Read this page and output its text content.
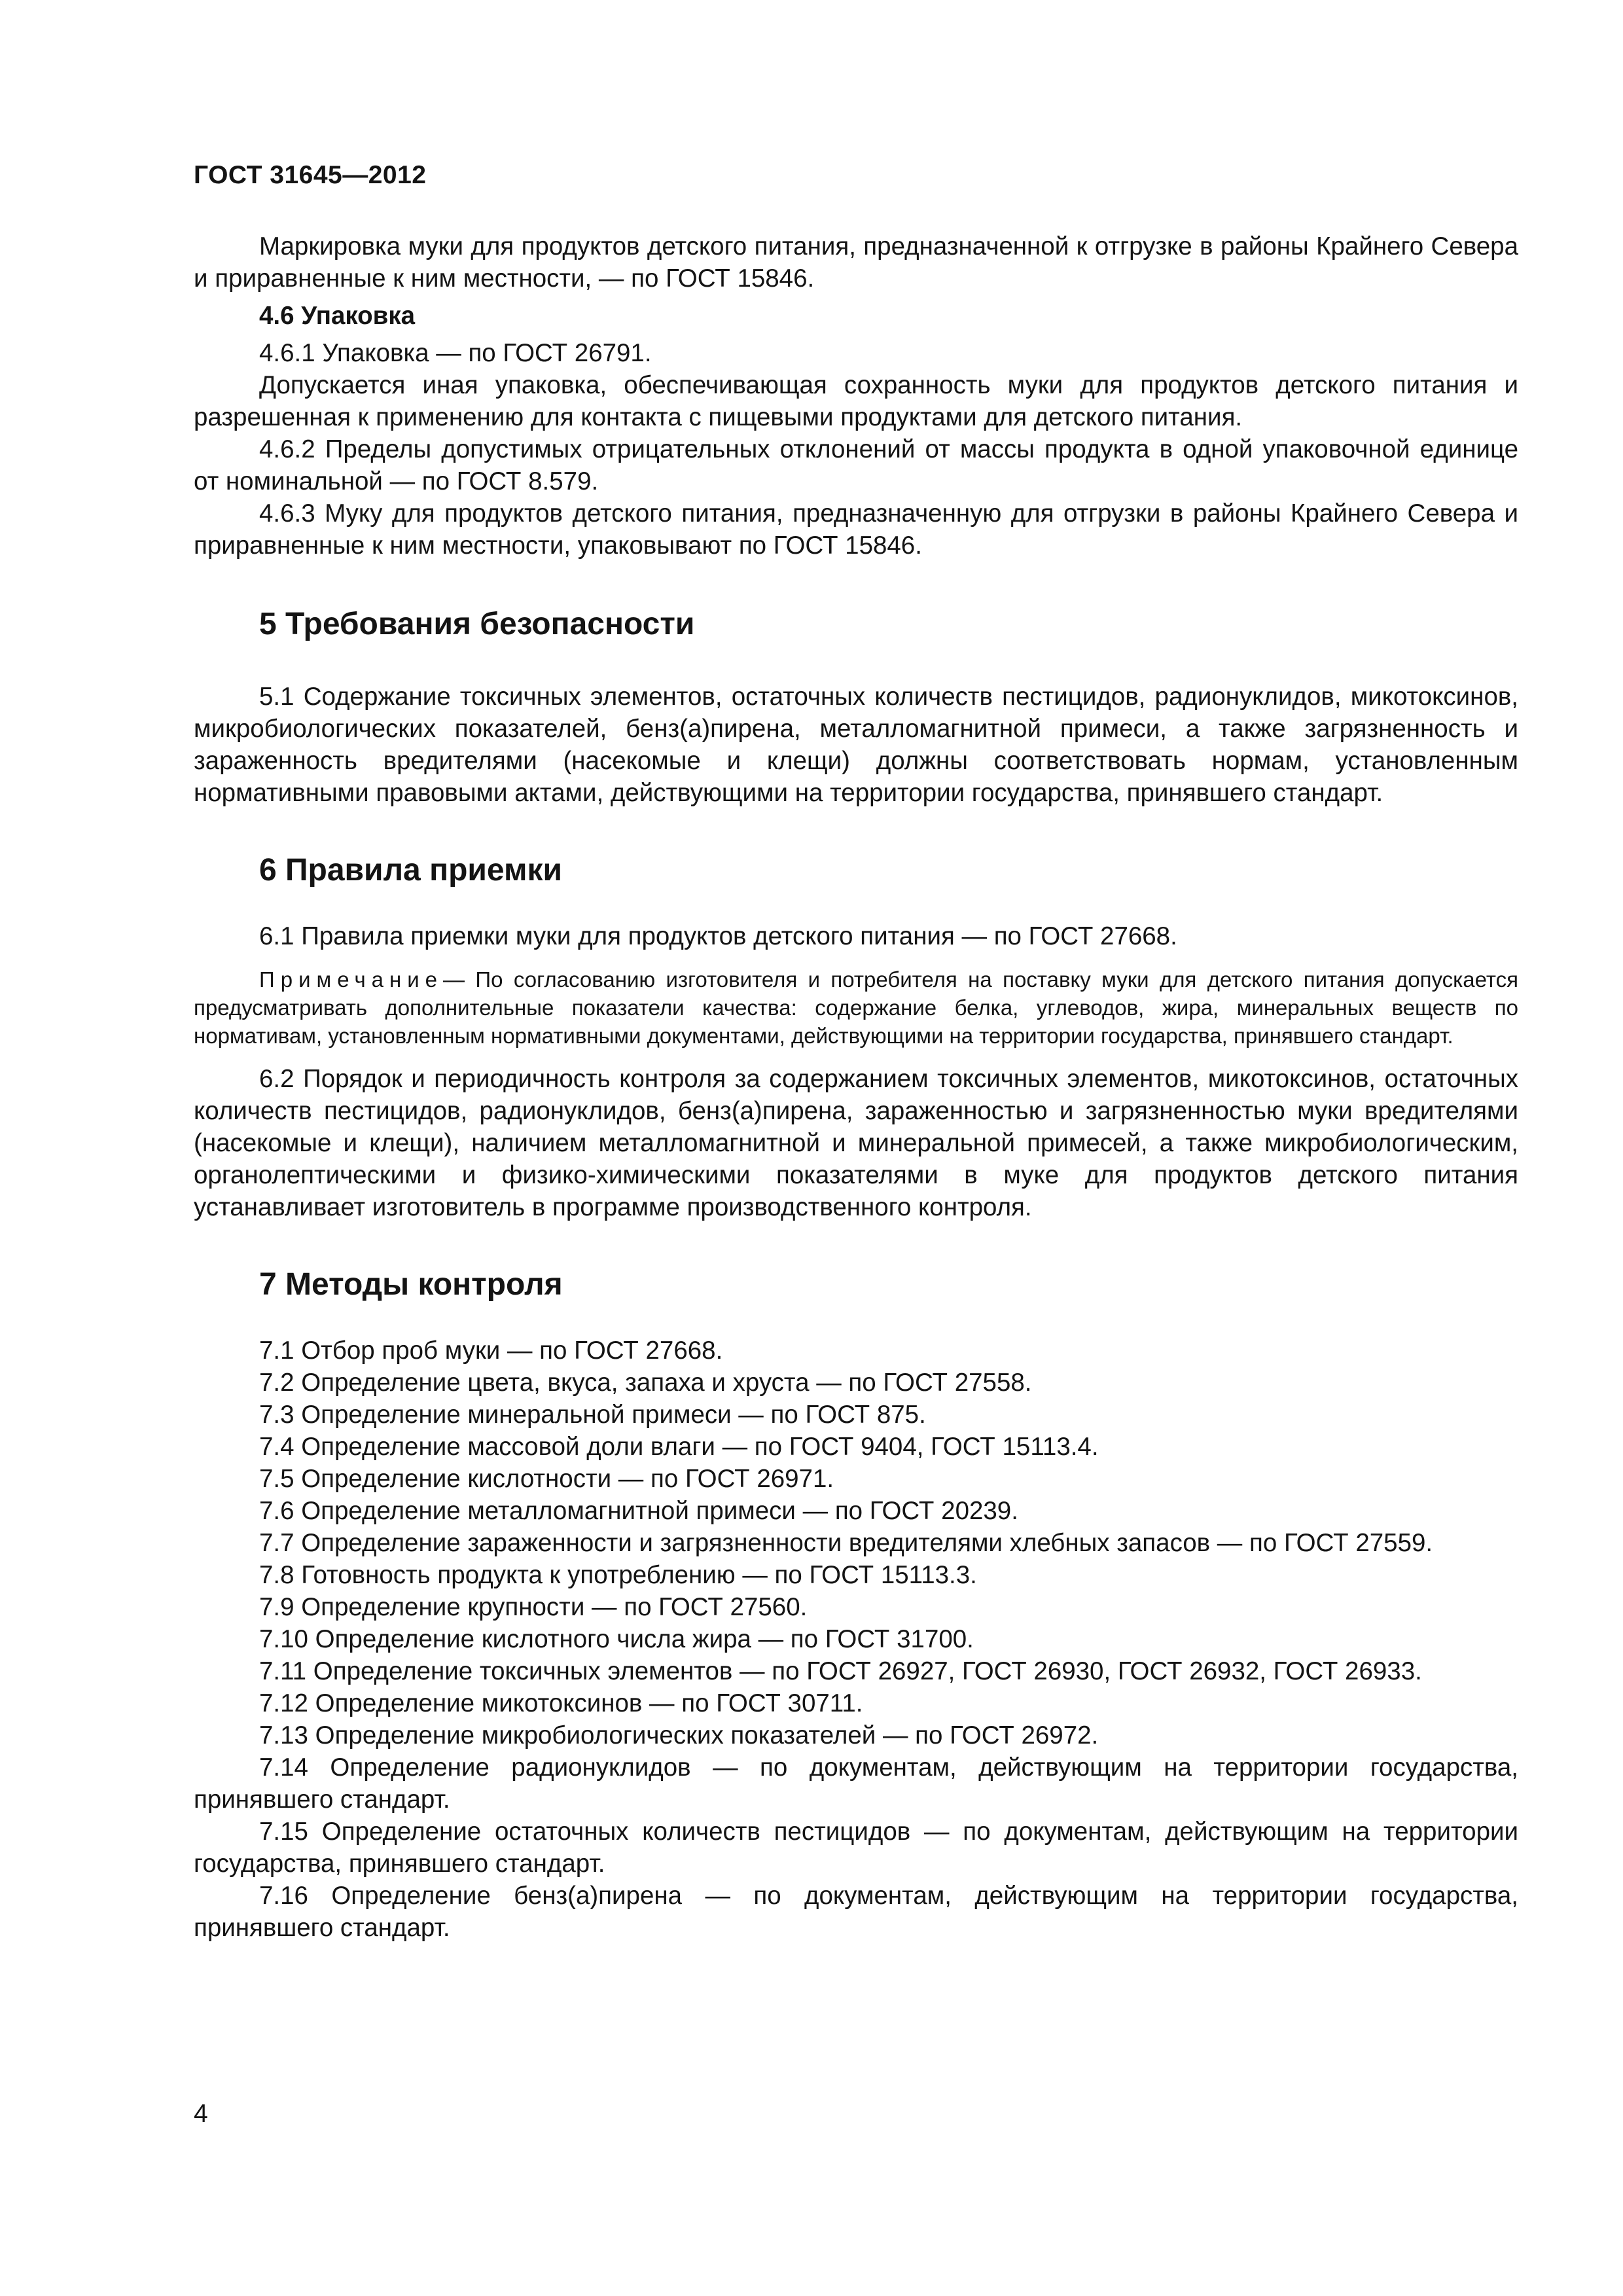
ГОСТ 31645—2012

Маркировка муки для продуктов детского питания, предназначенной к отгрузке в районы Крайнего Севера и приравненные к ним местности, — по ГОСТ 15846.

4.6 Упаковка

4.6.1 Упаковка — по ГОСТ 26791.

Допускается иная упаковка, обеспечивающая сохранность муки для продуктов детского питания и разрешенная к применению для контакта с пищевыми продуктами для детского питания.

4.6.2 Пределы допустимых отрицательных отклонений от массы продукта в одной упаковочной единице от номинальной — по ГОСТ 8.579.

4.6.3 Муку для продуктов детского питания, предназначенную для отгрузки в районы Крайнего Севера и приравненные к ним местности, упаковывают по ГОСТ 15846.

5 Требования безопасности

5.1 Содержание токсичных элементов, остаточных количеств пестицидов, радионуклидов, микотоксинов, микробиологических показателей, бенз(а)пирена, металломагнитной примеси, а также загрязненность и зараженность вредителями (насекомые и клещи) должны соответствовать нормам, установленным нормативными правовыми актами, действующими на территории государства, принявшего стандарт.

6 Правила приемки

6.1 Правила приемки муки для продуктов детского питания — по ГОСТ 27668.

Примечание— По согласованию изготовителя и потребителя на поставку муки для детского питания допускается предусматривать дополнительные показатели качества: содержание белка, углеводов, жира, минеральных веществ по нормативам, установленным нормативными документами, действующими на территории государства, принявшего стандарт.

6.2 Порядок и периодичность контроля за содержанием токсичных элементов, микотоксинов, остаточных количеств пестицидов, радионуклидов, бенз(а)пирена, зараженностью и загрязненностью муки вредителями (насекомые и клещи), наличием металломагнитной и минеральной примесей, а также микробиологическим, органолептическими и физико-химическими показателями в муке для продуктов детского питания устанавливает изготовитель в программе производственного контроля.

7 Методы контроля

7.1 Отбор проб муки — по ГОСТ 27668.

7.2 Определение цвета, вкуса, запаха и хруста — по ГОСТ 27558.

7.3 Определение минеральной примеси — по ГОСТ 875.

7.4 Определение массовой доли влаги — по ГОСТ 9404, ГОСТ 15113.4.

7.5 Определение кислотности — по ГОСТ 26971.

7.6 Определение металломагнитной примеси — по ГОСТ 20239.

7.7 Определение зараженности и загрязненности вредителями хлебных запасов — по ГОСТ 27559.

7.8 Готовность продукта к употреблению — по ГОСТ 15113.3.

7.9 Определение крупности — по ГОСТ 27560.

7.10 Определение кислотного числа жира — по ГОСТ 31700.

7.11 Определение токсичных элементов — по ГОСТ 26927, ГОСТ 26930, ГОСТ 26932, ГОСТ 26933.

7.12 Определение микотоксинов — по ГОСТ 30711.

7.13 Определение микробиологических показателей — по ГОСТ 26972.

7.14 Определение радионуклидов — по документам, действующим на территории государства, принявшего стандарт.

7.15 Определение остаточных количеств пестицидов — по документам, действующим на территории государства, принявшего стандарт.

7.16 Определение бенз(а)пирена — по документам, действующим на территории государства, принявшего стандарт.

4
